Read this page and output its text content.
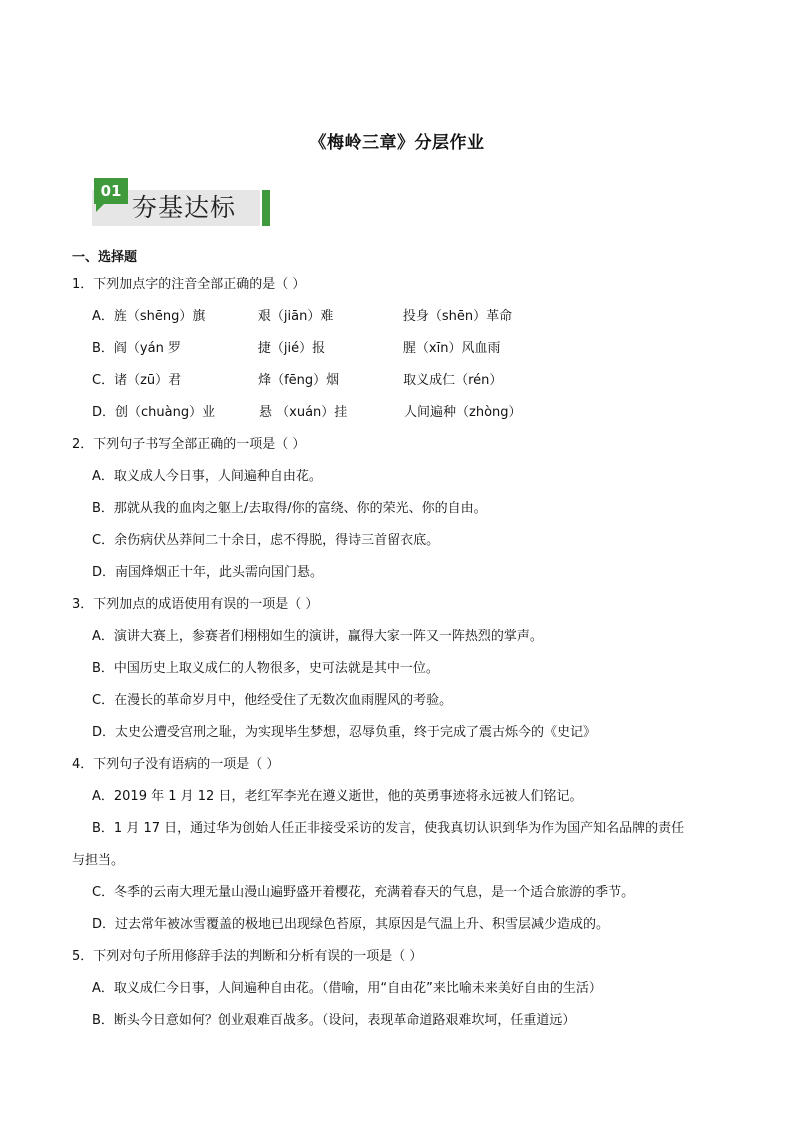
《梅岭三章》分层作业
01
夯基达标
一、选择题
1．下列加点字的注音全部正确的是（ ）
A．旌（shēng）旗	艰（jiān）难	投身（shēn）革命
B．阎（yán 罗	捷（jié）报	腥（xīn）风血雨
C．诸（zū）君	烽（fēng）烟	取义成仁（rén）
D．创（chuàng）业	悬 （xuán）挂	人间遍种（zhòng）
2．下列句子书写全部正确的一项是（ ）
A．取义成人今日事，人间遍种自由花。
B．那就从我的血肉之躯上/去取得/你的富绕、你的荣光、你的自由。
C．余伤病伏丛莽间二十余日，虑不得脱，得诗三首留衣底。
D．南国烽烟正十年，此头需向国门悬。
3．下列加点的成语使用有误的一项是（ ）
A．演讲大赛上，参赛者们栩栩如生的演讲，赢得大家一阵又一阵热烈的掌声。
B．中国历史上取义成仁的人物很多，史可法就是其中一位。
C．在漫长的革命岁月中，他经受住了无数次血雨腥风的考验。
D．太史公遭受宫刑之耻，为实现毕生梦想，忍辱负重，终于完成了震古烁今的《史记》
4．下列句子没有语病的一项是（ ）
A．2019 年 1 月 12 日，老红军李光在遵义逝世，他的英勇事迹将永远被人们铭记。
B．1 月 17 日，通过华为创始人任正非接受采访的发言，使我真切认识到华为作为国产知名品牌的责任
与担当。
C．冬季的云南大理无量山漫山遍野盛开着樱花，充满着春天的气息，是一个适合旅游的季节。
D．过去常年被冰雪覆盖的极地已出现绿色苔原，其原因是气温上升、积雪层减少造成的。
5．下列对句子所用修辞手法的判断和分析有误的一项是（ ）
A．取义成仁今日事，人间遍种自由花。（借喻，用“自由花”来比喻未来美好自由的生活）
B．断头今日意如何？创业艰难百战多。（设问，表现革命道路艰难坎坷，任重道远）
